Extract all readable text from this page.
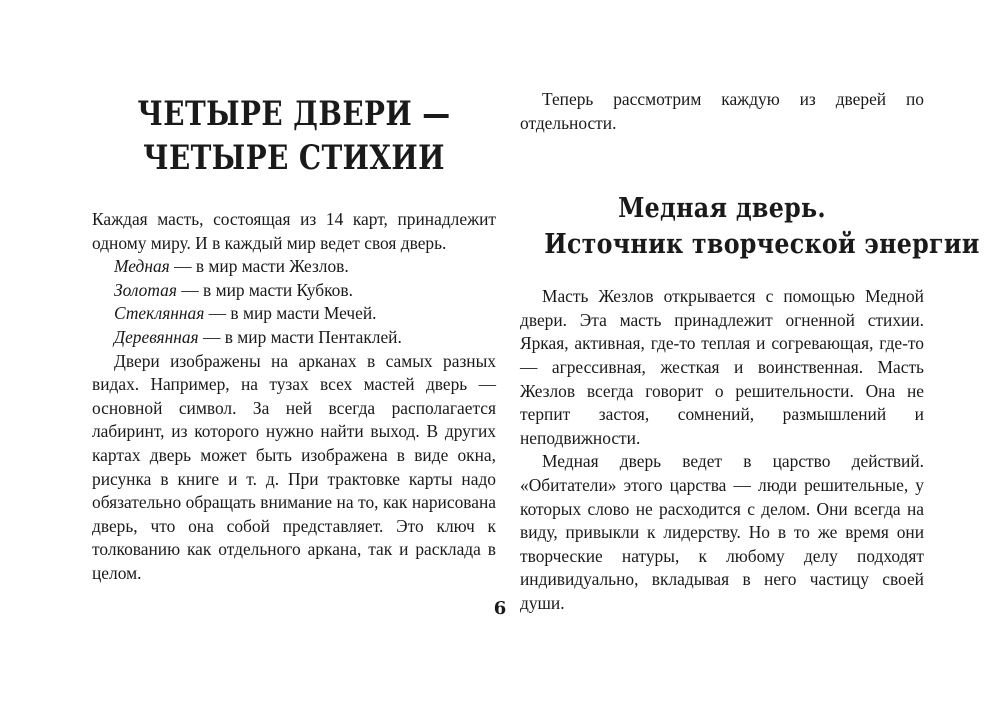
ЧЕТЫРЕ ДВЕРИ —
ЧЕТЫРЕ СТИХИИ

Каждая масть, состоящая из 14 карт, принадлежит одному миру. И в каждый мир ведет своя дверь.

Медная — в мир масти Жезлов.

Золотая — в мир масти Кубков.

Стеклянная — в мир масти Мечей.

Деревянная — в мир масти Пентаклей.

Двери изображены на арканах в самых разных видах. Например, на тузах всех мастей дверь — основной символ. За ней всегда располагается лабиринт, из которого нужно найти выход. В других картах дверь может быть изображена в виде окна, рисунка в книге и т. д. При трактовке карты надо обязательно обращать внимание на то, как нарисована дверь, что она собой представляет. Это ключ к толкованию как отдельного аркана, так и расклада в целом.

Теперь рассмотрим каждую из дверей по отдельности.

Медная дверь.
Источник творческой энергии

Масть Жезлов открывается с помощью Медной двери. Эта масть принадлежит огненной стихии. Яркая, активная, где-то теплая и согревающая, где-то — агрессивная, жесткая и воинственная. Масть Жезлов всегда говорит о решительности. Она не терпит застоя, сомнений, размышлений и неподвижности.

Медная дверь ведет в царство действий. «Обитатели» этого царства — люди решительные, у которых слово не расходится с делом. Они всегда на виду, привыкли к лидерству. Но в то же время они творческие натуры, к любому делу подходят индивидуально, вкладывая в него частицу своей души.

6
